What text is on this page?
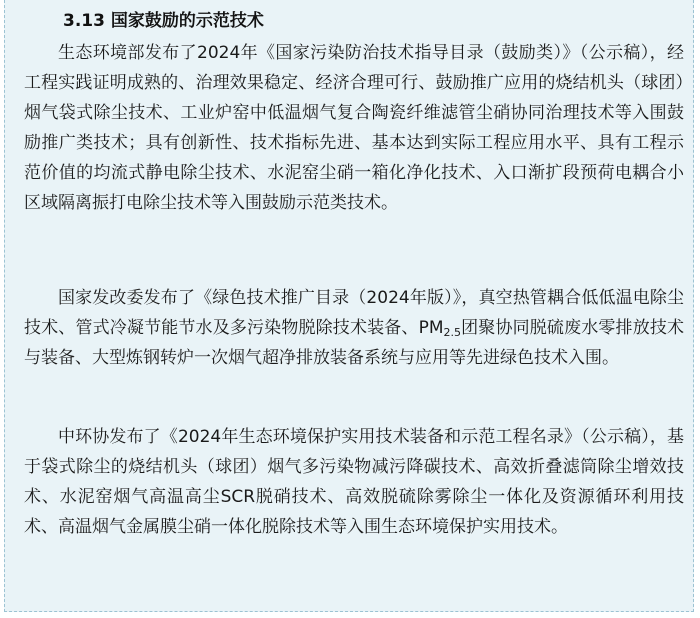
3.13 国家鼓励的示范技术

生态环境部发布了2024年《国家污染防治技术指导目录（鼓励类）》（公示稿），经工程实践证明成熟的、治理效果稳定、经济合理可行、鼓励推广应用的烧结机头（球团）烟气袋式除尘技术、工业炉窑中低温烟气复合陶瓷纤维滤管尘硝协同治理技术等入围鼓励推广类技术；具有创新性、技术指标先进、基本达到实际工程应用水平、具有工程示范价值的均流式静电除尘技术、水泥窑尘硝一箱化净化技术、入口渐扩段预荷电耦合小区域隔离振打电除尘技术等入围鼓励示范类技术。

国家发改委发布了《绿色技术推广目录（2024年版）》，真空热管耦合低低温电除尘技术、管式冷凝节能节水及多污染物脱除技术装备、$PM_{2.5}$团聚协同脱硫废水零排放技术与装备、大型炼钢转炉一次烟气超净排放装备系统与应用等先进绿色技术入围。

中环协发布了《2024年生态环境保护实用技术装备和示范工程名录》（公示稿），基于袋式除尘的烧结机头（球团）烟气多污染物减污降碳技术、高效折叠滤筒除尘增效技术、水泥窑烟气高温高尘SCR脱硝技术、高效脱硫除雾除尘一体化及资源循环利用技术、高温烟气金属膜尘硝一体化脱除技术等入围生态环境保护实用技术。
